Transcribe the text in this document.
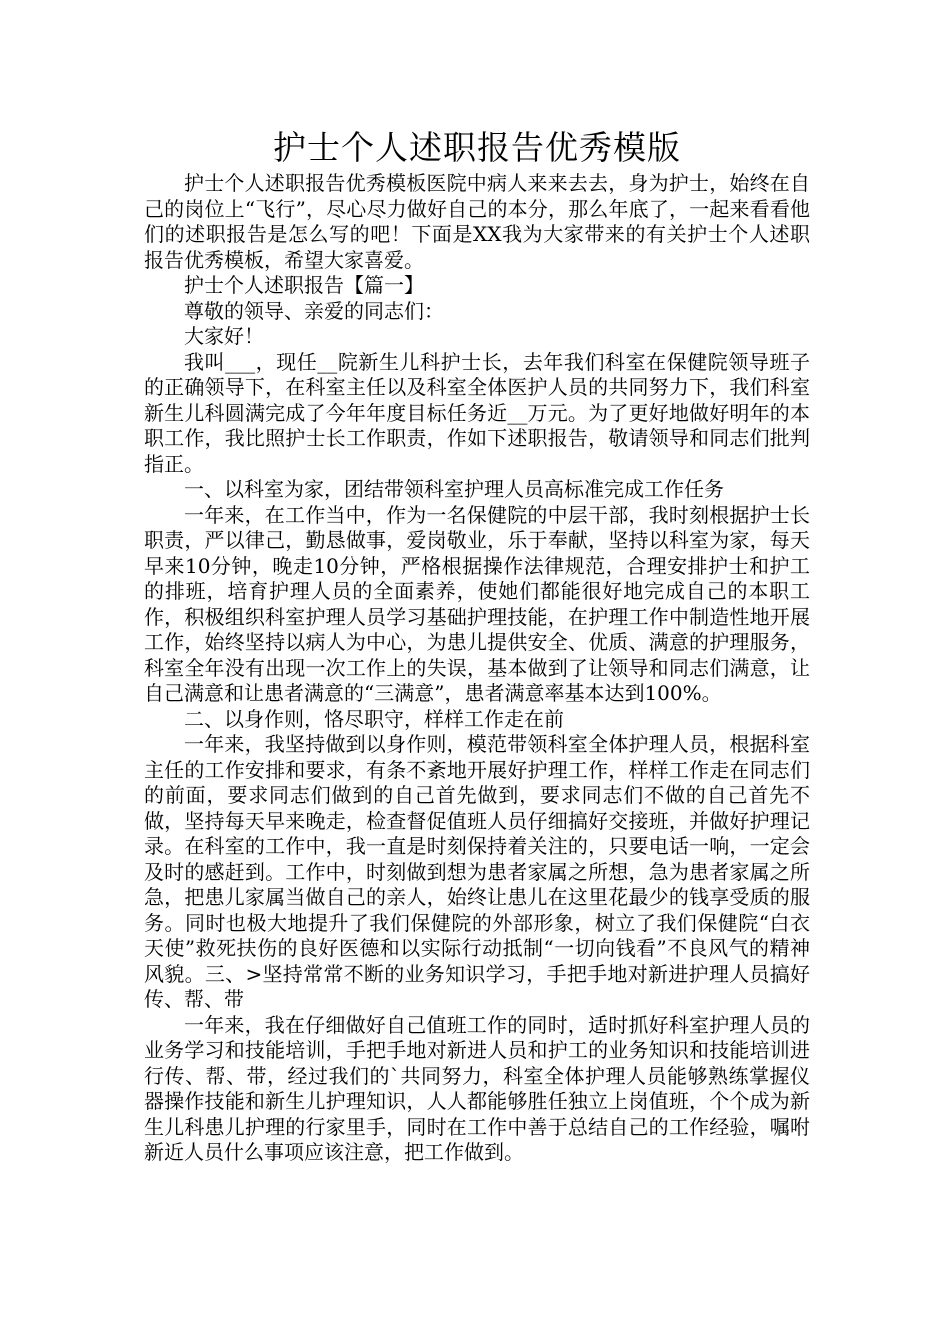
护士个人述职报告优秀模版

护士个人述职报告优秀模板医院中病人来来去去，身为护士，始终在自己的岗位上“飞行”，尽心尽力做好自己的本分，那么年底了，一起来看看他们的述职报告是怎么写的吧！下面是XX我为大家带来的有关护士个人述职报告优秀模板，希望大家喜爱。

护士个人述职报告【篇一】

尊敬的领导、亲爱的同志们：

大家好！

我叫___，现任__院新生儿科护士长，去年我们科室在保健院领导班子的正确领导下，在科室主任以及科室全体医护人员的共同努力下，我们科室新生儿科圆满完成了今年年度目标任务近__万元。为了更好地做好明年的本职工作，我比照护士长工作职责，作如下述职报告，敬请领导和同志们批判指正。

一、以科室为家，团结带领科室护理人员高标准完成工作任务

一年来，在工作当中，作为一名保健院的中层干部，我时刻根据护士长职责，严以律己，勤恳做事，爱岗敬业，乐于奉献，坚持以科室为家，每天早来10分钟，晚走10分钟，严格根据操作法律规范，合理安排护士和护工的排班，培育护理人员的全面素养，使她们都能很好地完成自己的本职工作，积极组织科室护理人员学习基础护理技能，在护理工作中制造性地开展工作，始终坚持以病人为中心，为患儿提供安全、优质、满意的护理服务，科室全年没有出现一次工作上的失误，基本做到了让领导和同志们满意，让自己满意和让患者满意的“三满意”，患者满意率基本达到100%。

二、以身作则，恪尽职守，样样工作走在前

一年来，我坚持做到以身作则，模范带领科室全体护理人员，根据科室主任的工作安排和要求，有条不紊地开展好护理工作，样样工作走在同志们的前面，要求同志们做到的自己首先做到，要求同志们不做的自己首先不做，坚持每天早来晚走，检查督促值班人员仔细搞好交接班，并做好护理记录。在科室的工作中，我一直是时刻保持着关注的，只要电话一响，一定会及时的感赶到。工作中，时刻做到想为患者家属之所想，急为患者家属之所急，把患儿家属当做自己的亲人，始终让患儿在这里花最少的钱享受质的服务。同时也极大地提升了我们保健院的外部形象，树立了我们保健院“白衣天使”救死扶伤的良好医德和以实际行动抵制“一切向钱看”不良风气的精神风貌。三、>坚持常常不断的业务知识学习，手把手地对新进护理人员搞好传、帮、带

一年来，我在仔细做好自己值班工作的同时，适时抓好科室护理人员的业务学习和技能培训，手把手地对新进人员和护工的业务知识和技能培训进行传、帮、带，经过我们的`共同努力，科室全体护理人员能够熟练掌握仪器操作技能和新生儿护理知识，人人都能够胜任独立上岗值班，个个成为新生儿科患儿护理的行家里手，同时在工作中善于总结自己的工作经验，嘱咐新近人员什么事项应该注意，把工作做到。
